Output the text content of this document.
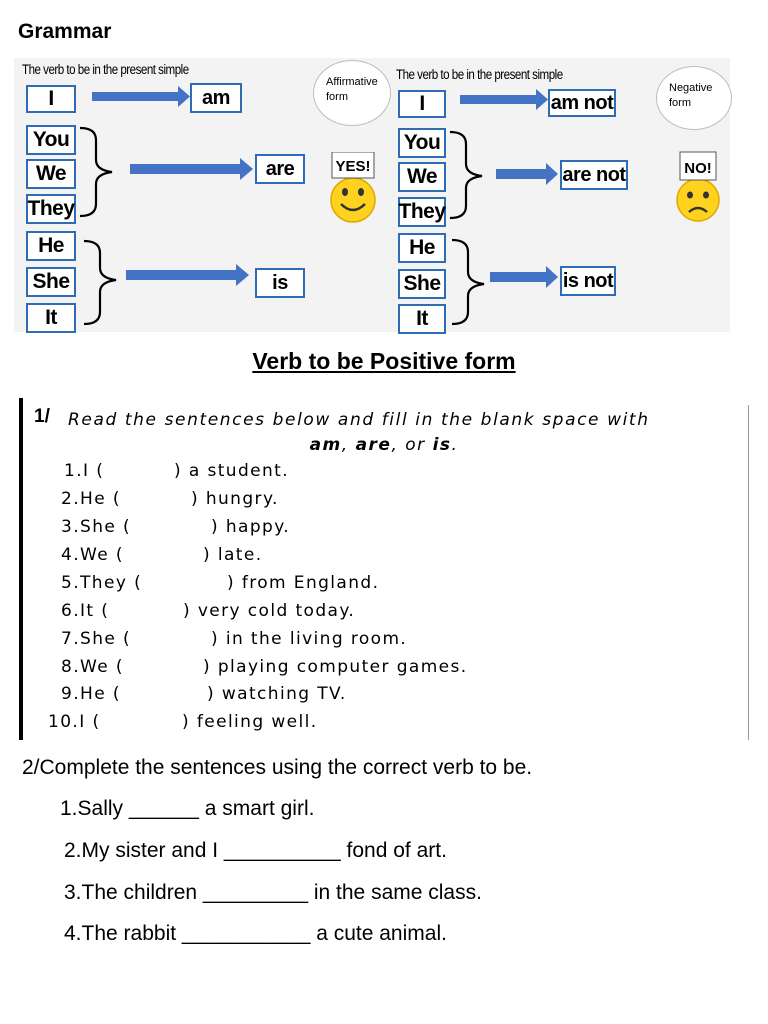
Grammar
The verb to be in the present simple	The verb to be in the present simple
Affirmative
form
Negative
form
I
You
We
They
He
She
It
am
are
is
I
You
We
They
He
She
It
am not
are not
is not
YES!	NO!
Verb to be Positive form
1/ Read the sentences below and fill in the blank space with
am, are, or is.
1.I (	) a student.
2.He (	) hungry.
3.She (	) happy.
4.We (	) late.
5.They (	) from England.
6.It (	) very cold today.
7.She (	) in the living room.
8.We (	) playing computer games.
9.He (	) watching TV.
10.I (	) feeling well.
2/Complete the sentences using the correct verb to be.
1.Sally ______ a smart girl.
2.My sister and I __________ fond of art.
3.The children _________ in the same class.
4.The rabbit ___________ a cute animal.
